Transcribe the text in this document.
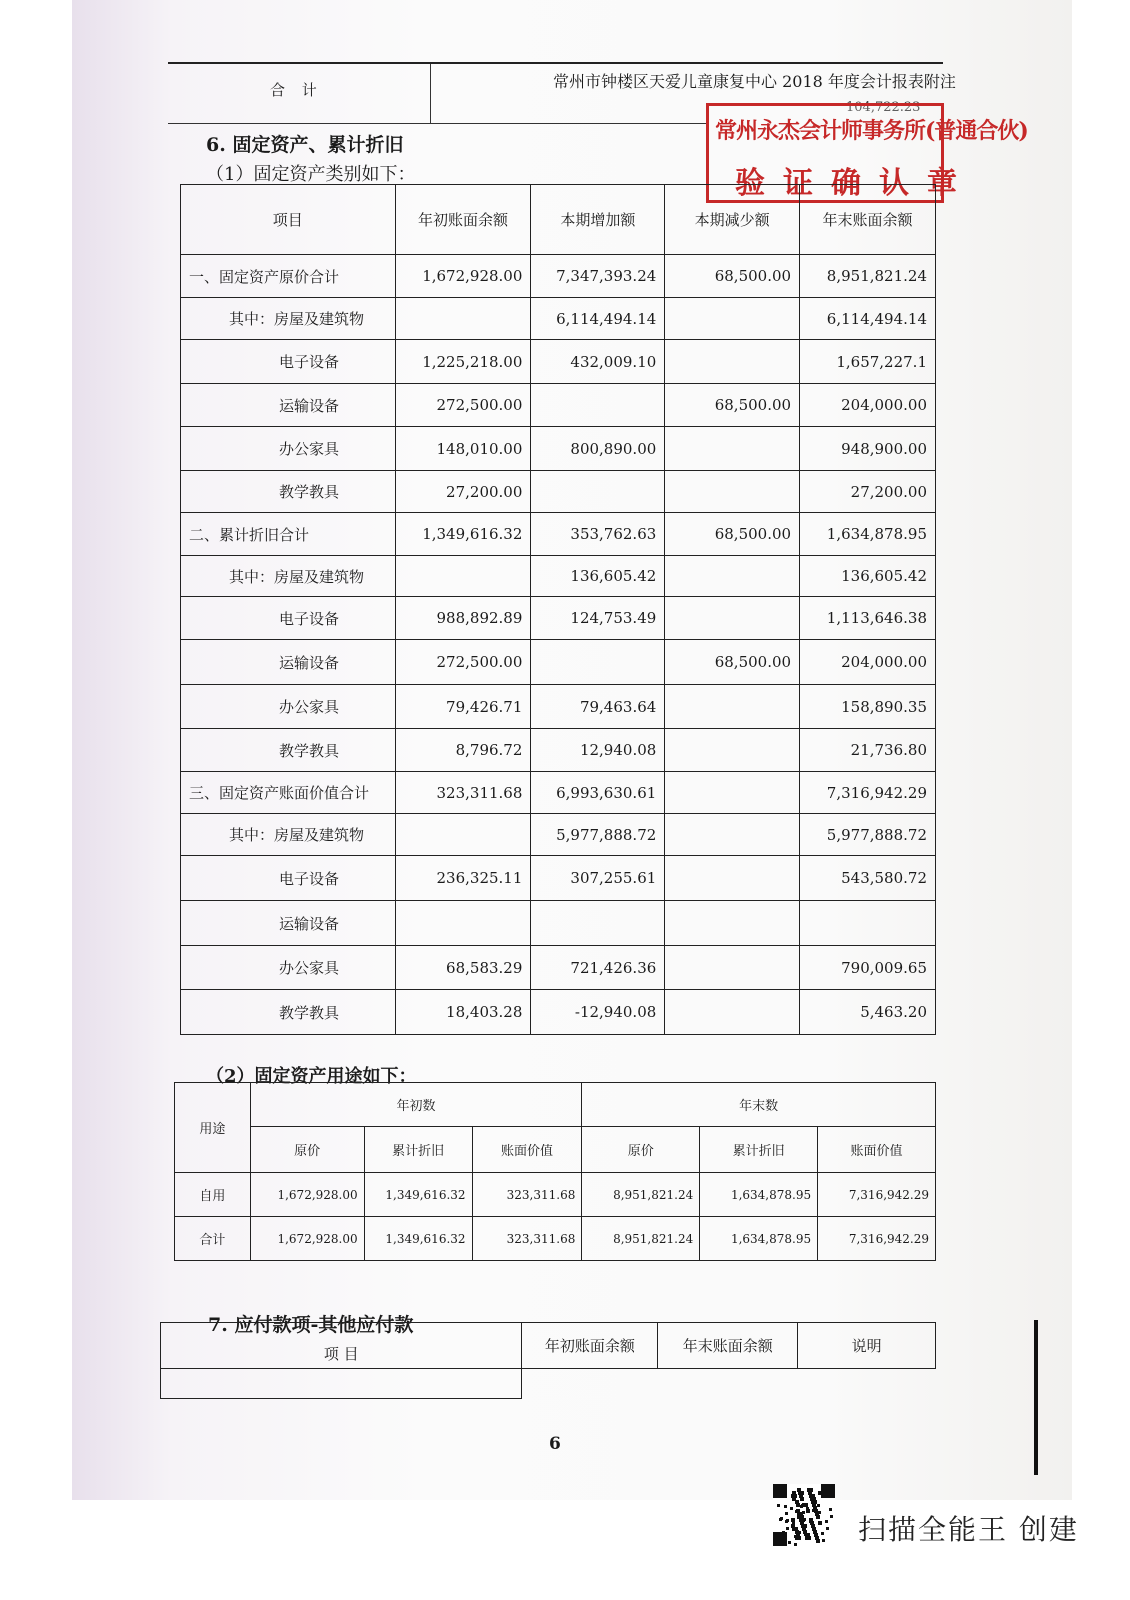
常州市钟楼区天爱儿童康复中心 2018 年度会计报表附注
合 计
104,722.23
常州永杰会计师事务所(普通合伙)
验证确认章
6. 固定资产、累计折旧
（1）固定资产类别如下：
项目	年初账面余额	本期增加额	本期减少额	年末账面余额
一、固定资产原价合计	1,672,928.00	7,347,393.24	68,500.00	8,951,821.24
其中：房屋及建筑物		6,114,494.14		6,114,494.14
电子设备	1,225,218.00	432,009.10		1,657,227.1
运输设备	272,500.00		68,500.00	204,000.00
办公家具	148,010.00	800,890.00		948,900.00
教学教具	27,200.00			27,200.00
二、累计折旧合计	1,349,616.32	353,762.63	68,500.00	1,634,878.95
其中：房屋及建筑物		136,605.42		136,605.42
电子设备	988,892.89	124,753.49		1,113,646.38
运输设备	272,500.00		68,500.00	204,000.00
办公家具	79,426.71	79,463.64		158,890.35
教学教具	8,796.72	12,940.08		21,736.80
三、固定资产账面价值合计	323,311.68	6,993,630.61		7,316,942.29
其中：房屋及建筑物		5,977,888.72		5,977,888.72
电子设备	236,325.11	307,255.61		543,580.72
运输设备				
办公家具	68,583.29	721,426.36		790,009.65
教学教具	18,403.28	-12,940.08		5,463.20
（2）固定资产用途如下：
用途	年初数			年末数		
	原价	累计折旧	账面价值	原价	累计折旧	账面价值
自用	1,672,928.00	1,349,616.32	323,311.68	8,951,821.24	1,634,878.95	7,316,942.29
合计	1,672,928.00	1,349,616.32	323,311.68	8,951,821.24	1,634,878.95	7,316,942.29
7. 应付款项-其他应付款
项 目	年初账面余额	年末账面余额	说明

6
扫描全能王 创建
